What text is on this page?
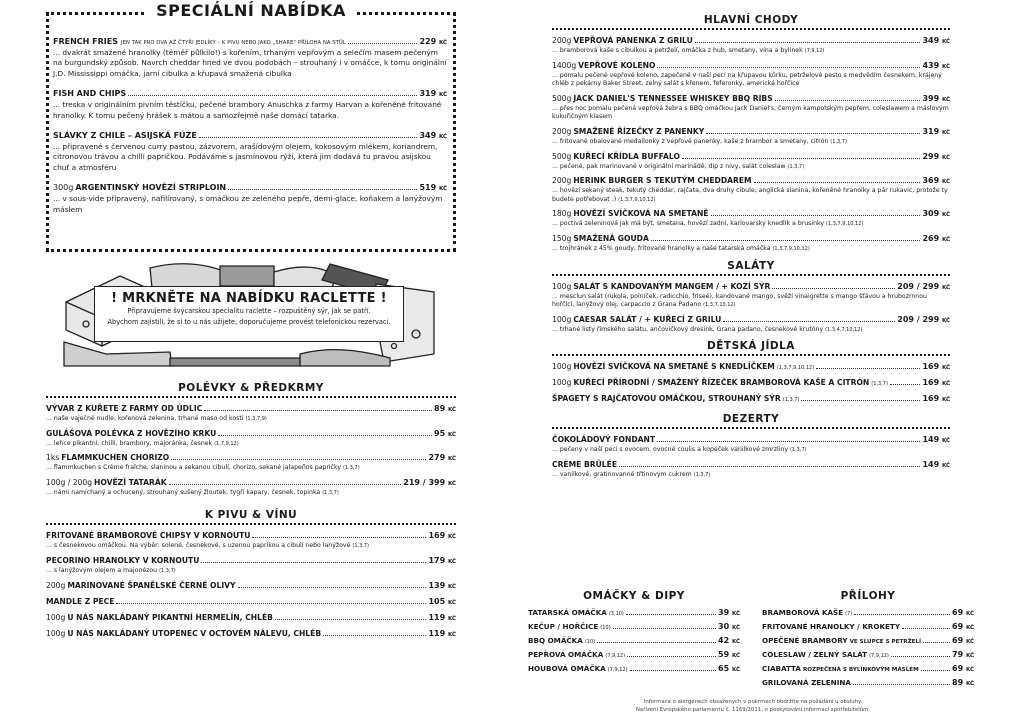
SPECIÁLNÍ NABÍDKA
FRENCH FRIES JEN TAK PRO DVA AŽ ČTYŘI JEDLÍKY – K PIVU NEBO JAKO „SHARE“ PŘÍLOHA NA STŮL	229 KČ
... dvakrát smažené hranolky (téměř půlkilo!) s kořením, trhaným vepřovým a selečím masem pečeným na burgundský způsob. Navrch cheddar hned ve dvou podobách – strouhaný i v omáčce, k tomu originální J.D. Mississippi omáčka, jarní cibulka a křupavá smažená cibulka
FISH AND CHIPS	319 KČ
... treska v originálním pivním těstíčku, pečené brambory Anuschka z farmy Harvan a kořeněné fritované hranolky. K tomu pečený hrášek s mátou a samozřejmě naše domácí tatarka.
SLÁVKY Z CHILE – ASIJSKÁ FÚZE	349 KČ
... připravené s červenou curry pastou, zázvorem, arašídovým olejem, kokosovým mlékem, koriandrem, citronovou trávou a chilli papričkou. Podáváme s jasmínovou rýží, která jim dodává tu pravou asijskou chuť a atmosféru
300g ARGENTINSKÝ HOVĚZÍ STRIPLOIN	519 KČ
... v sous-vide připravený, nafilírovaný, s omáčkou ze zeleného pepře, demi-glace, koňakem a lanýžovým máslem
! MRKNĚTE NA NABÍDKU RACLETTE !
Připravujeme švýcarskou specialitu raclette – rozpuštěný sýr, jak se patří.
Abychom zajistili, že si to u nás užijete, doporučujeme provést telefonickou rezervaci.
POLÉVKY & PŘEDKRMY
VÝVAR Z KUŘETE Z FARMY OD ÚDLIC	89 KČ
... naše vaječné nudle, kořenová zelenina, trhané maso od kosti (1,3,7,9)
GULÁŠOVÁ POLÉVKA Z HOVĚZÍHO KRKU	95 KČ
... lehce pikantní, chilli, brambory, majoránka, česnek (1,7,9,12)
1ks FLAMMKUCHEN CHORIZO	279 KČ
... flammkuchen s Crème fraîche, slaninou a sekanou cibulí, chorizo, sekané jalapeños papričky (1,3,7)
100g / 200g HOVĚZÍ TATARÁK	219 / 399 KČ
... námi namíchaný a ochucený, strouhaný sušený žloutek, tygří kapary, česnek, topinka (1,3,7)
K PIVU & VÍNU
FRITOVANÉ BRAMBOROVÉ CHIPSY V KORNOUTU	169 KČ
... s česnekovou omáčkou. Na výběr: solené, česnekové, s uzenou paprikou a cibulí nebo lanýžové (1,3,7)
PECORINO HRANOLKY V KORNOUTU	179 KČ
... s lanýžovým olejem a majonézou (1,3,7)
200g MARINOVANÉ ŠPANĚLSKÉ ČERNÉ OLIVY	139 KČ
MANDLE Z PECE	105 KČ
100g U NÁS NAKLÁDANÝ PIKANTNÍ HERMELÍN, CHLÉB	119 KČ
100g U NÁS NAKLÁDANÝ UTOPENEC V OCTOVÉM NÁLEVU, CHLÉB	119 KČ
HLAVNÍ CHODY
200g VEPŘOVÁ PANENKA Z GRILU	349 KČ
... bramborová kaše s cibulkou a petrželí, omáčka z hub, smetany, vína a bylinek (7,9,12)
1400g VEPŘOVÉ KOLENO	439 KČ
... pomalu pečené vepřové koleno, zapečené v naší peci na křupavou kůrku, petrželové pesto s medvědím česnekem, krájený chléb z pekárny Baker Street, zelný salát s křenem, feferonky, americká hořčice
500g JACK DANIEL'S TENNESSEE WHISKEY BBQ RIBS	399 KČ
... přes noc pomalu pečená vepřová žebra s BBQ omáčkou Jack Daniel's, černým kampotským pepřem, coleslawem a máslovým kukuřičným klasem
200g SMAŽENÉ ŘÍZEČKY Z PANENKY	319 KČ
... fritované obalované medailonky z vepřové panenky, kaše z brambor a smetany, citrón (1,3,7)
500g KUŘECÍ KŘÍDLA BUFFALO	299 KČ
... pečené, pak marinované v originální marinádě, dip z nivy, salát coleslaw (1,3,7)
200g HERINK BURGER S TEKUTÝM CHEDDAREM	369 KČ
... hovězí sekaný steak, tekutý cheddar, rajčata, dva druhy cibule, anglická slanina, kořeněné hranolky a pár rukavic, protože ty budete potřebovat :) (1,3,7,9,10,12)
180g HOVĚZÍ SVÍČKOVÁ NA SMETANĚ	309 KČ
... poctivá zeleninová jak má být, smetana, hovězí zadní, karlovarský knedlík a brusinky (1,3,7,9,10,12)
150g SMAŽENÁ GOUDA	269 KČ
... trojhránek z 45% goudy, fritované hranolky a naše tatarská omáčka (1,3,7,9,10,12)
SALÁTY
100g SALÁT S KANDOVANÝM MANGEM / + KOZÍ SÝR	209 / 299 KČ
... mesclun salát (rukola, polníček, radicchio, friseé), kandované mango, svěží vinaigrette s mango šťávou a hrubozrnnou hořčicí, lanýžový olej, carpaccio z Grana Padano (1,3,7,10,12)
100g CAESAR SALÁT / + KUŘECÍ Z GRILU	209 / 299 KČ
... trhané listy římského salátu, ančovičkový dresink, Grana padano, česnekové krutóny (1,3,4,7,10,12)
DĚTSKÁ JÍDLA
100g HOVĚZÍ SVÍČKOVÁ NA SMETANĚ S KNEDLÍČKEM (1,3,7,9,10,12)	169 KČ
100g KUŘECÍ PŘÍRODNÍ / SMAŽENÝ ŘÍZEČEK BRAMBOROVÁ KAŠE A CITRÓN (1,3,7)	169 KČ
ŠPAGETY S RAJČATOVOU OMÁČKOU, STROUHANÝ SÝR (1,3,7)	169 KČ
DEZERTY
ČOKOLÁDOVÝ FONDANT	149 KČ
... pečený v naší peci s ovocem, ovocné coulis a kopeček vanilkové zmrzliny (1,3,7)
CRÈME BRÛLÉE	149 KČ
... vanilkové, gratinovanné třtinovým cukrem (1,3,7)
OMÁČKY & DIPY
TATARSKÁ OMÁČKA (3,10)	39 KČ
KEČUP / HOŘČICE (10)	30 KČ
BBQ OMÁČKA (10)	42 KČ
PEPŘOVÁ OMÁČKA (7,9,12)	59 KČ
HOUBOVÁ OMÁČKA (7,9,12)	65 KČ
PŘÍLOHY
BRAMBOROVÁ KAŠE (7)	69 KČ
FRITOVANÉ HRANOLKY / KROKETY	69 KČ
OPEČENÉ BRAMBORY VE SLUPCE S PETRŽELÍ	69 KČ
COLESLAW / ZELNÝ SALÁT (7,9,12)	79 KČ
CIABATTA ROZPEČENÁ S BYLINKOVÝM MÁSLEM	69 KČ
GRILOVANÁ ZELENINA	89 KČ
Informace o alergenech obsažených v pokrmech obdržíte na požádání u obsluhy.
Nařízení Evropského parlamentu č. 1169/2011, o poskytování informací spotřebitelům.
